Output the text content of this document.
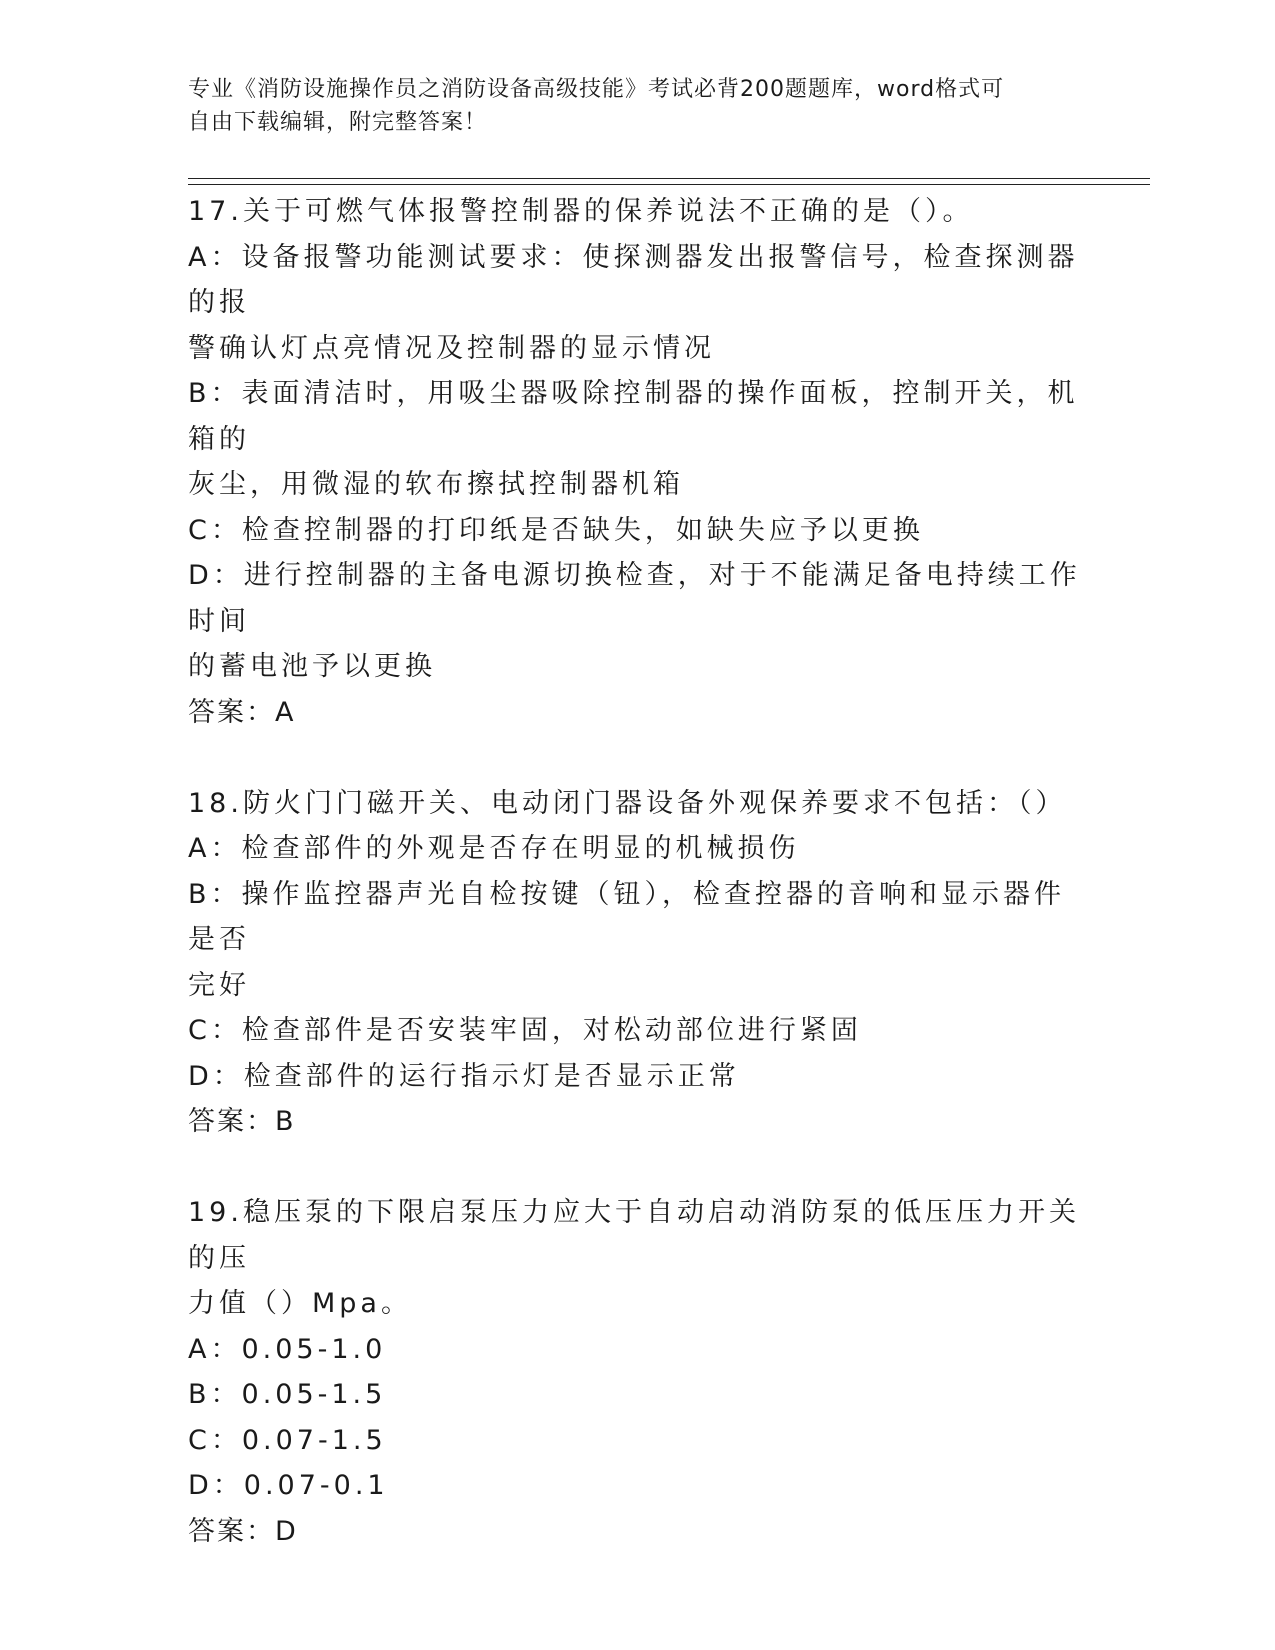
专业《消防设施操作员之消防设备高级技能》考试必背200题题库，word格式可
自由下载编辑，附完整答案！

17.关于可燃气体报警控制器的保养说法不正确的是（）。

A：设备报警功能测试要求：使探测器发出报警信号，检查探测器的报

警确认灯点亮情况及控制器的显示情况

B：表面清洁时，用吸尘器吸除控制器的操作面板，控制开关，机箱的

灰尘，用微湿的软布擦拭控制器机箱

C：检查控制器的打印纸是否缺失，如缺失应予以更换

D：进行控制器的主备电源切换检查，对于不能满足备电持续工作时间

的蓄电池予以更换

答案：A

18.防火门门磁开关、电动闭门器设备外观保养要求不包括：（）

A：检查部件的外观是否存在明显的机械损伤

B：操作监控器声光自检按键（钮），检查控器的音响和显示器件是否

完好

C：检查部件是否安装牢固，对松动部位进行紧固

D：检查部件的运行指示灯是否显示正常

答案：B

19.稳压泵的下限启泵压力应大于自动启动消防泵的低压压力开关的压

力值（）Mpa。

A：0.05-1.0

B：0.05-1.5

C：0.07-1.5

D：0.07-0.1

答案：D
